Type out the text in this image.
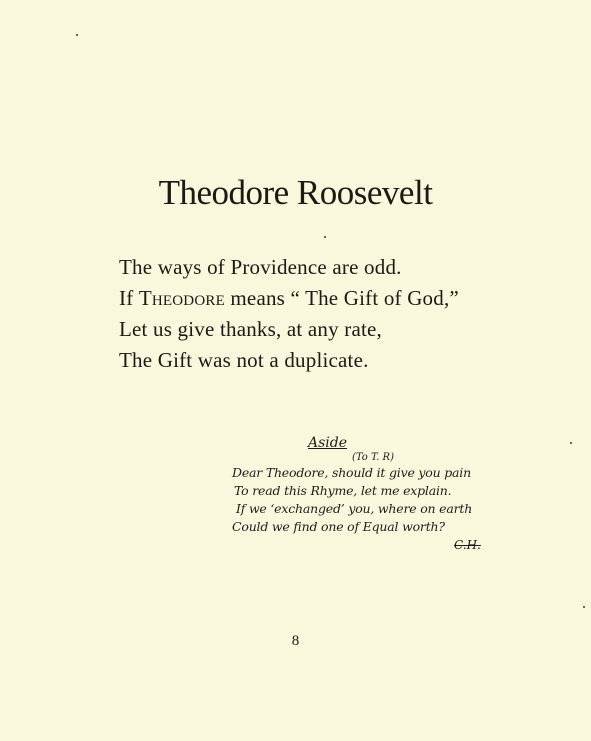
Theodore Roosevelt
The ways of Providence are odd.
If Theodore means “ The Gift of God,”
Let us give thanks, at any rate,
The Gift was not a duplicate.
Aside
(To T. R)
Dear Theodore, should it give you pain
To read this Rhyme, let me explain.
If we ‘exchanged’ you, where on earth
Could we find one of Equal worth?
C.H.
8
